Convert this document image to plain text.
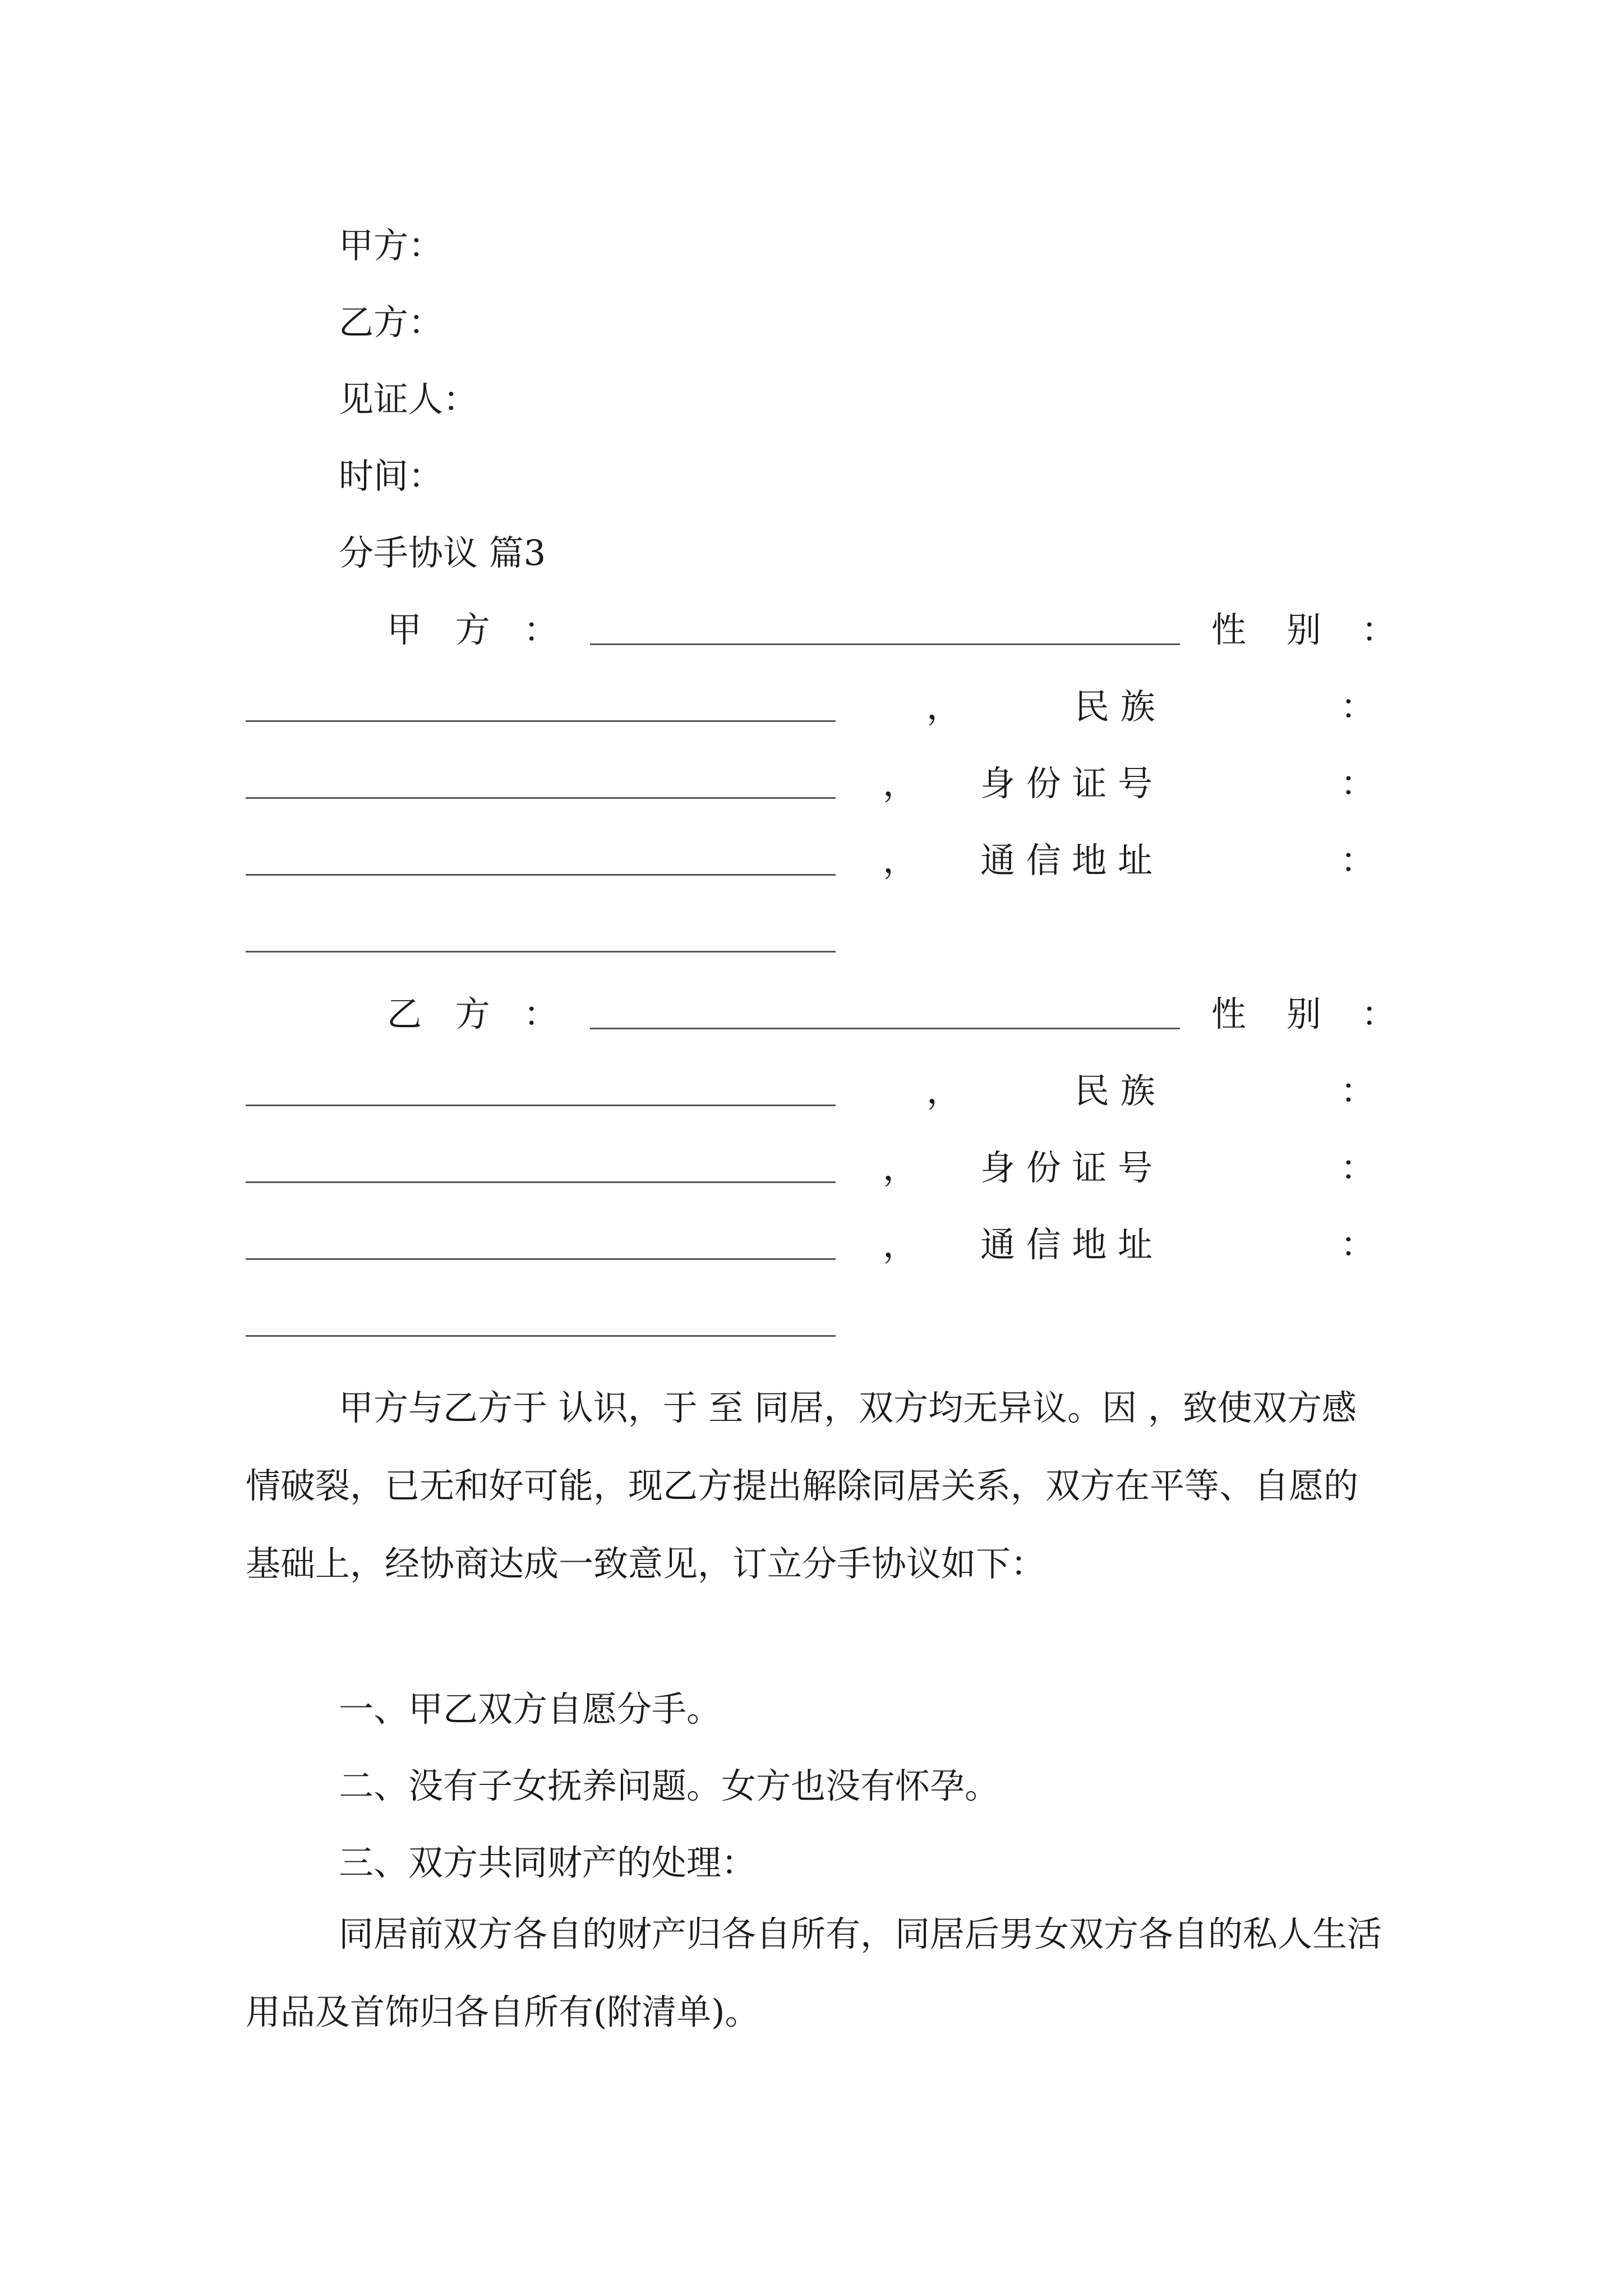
甲方：
乙方：
见证人：
时间：
分手协议 篇3
甲 方 ：	性 别 ：
，	民 族	：
， 身 份 证 号	：
， 通 信 地 址	：
乙 方 ：	性 别 ：
，	民 族	：
， 身 份 证 号	：
， 通 信 地 址	：
甲方与乙方于 认识，于 至 同居，双方均无异议。因 ，致使双方感情破裂，已无和好可能，现乙方提出解除同居关系，双方在平等、自愿的基础上，经协商达成一致意见，订立分手协议如下：
一、甲乙双方自愿分手。
二、没有子女抚养问题。女方也没有怀孕。
三、双方共同财产的处理：
同居前双方各自的财产归各自所有，同居后男女双方各自的私人生活用品及首饰归各自所有(附清单)。
